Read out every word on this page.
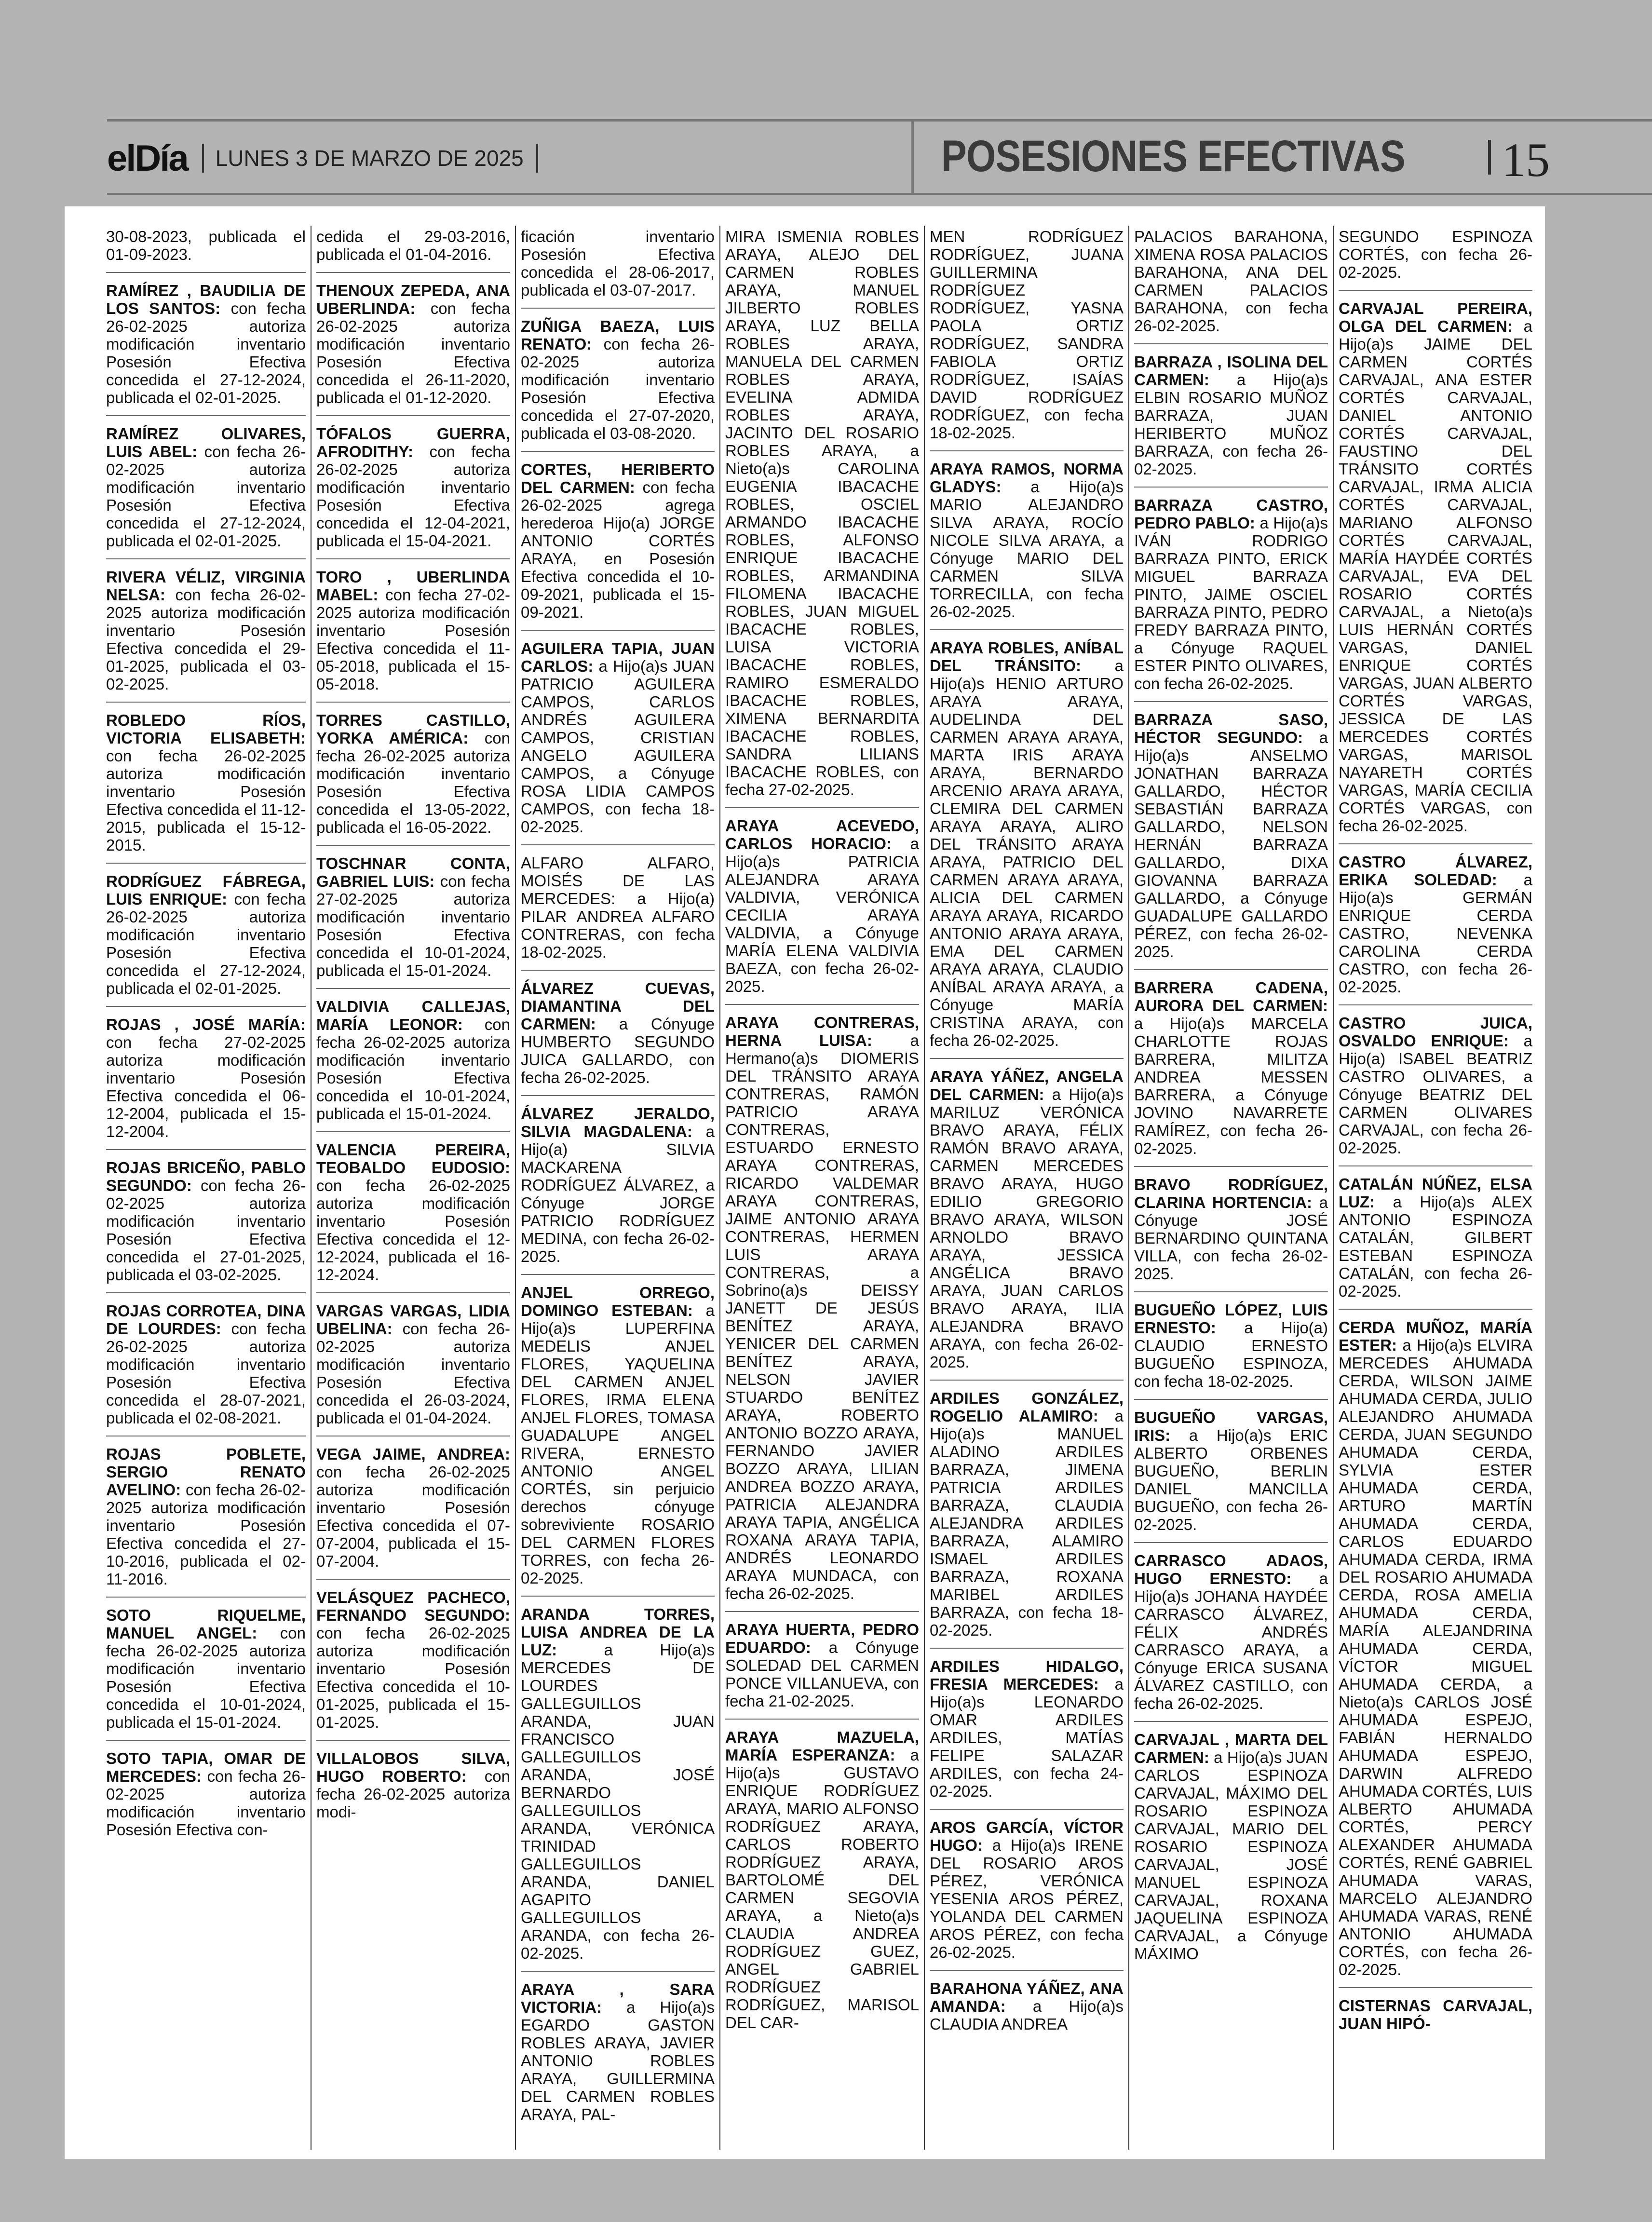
elDía LUNES 3 DE MARZO DE 2025	POSESIONES EFECTIVAS 15
30-08-2023, publicada el 01-09-2023.
RAMÍREZ , BAUDILIA DE LOS SANTOS: con fecha 26-02-2025 autoriza modificación inventario Posesión Efectiva concedida el 27-12-2024, publicada el 02-01-2025.
RAMÍREZ OLIVARES, LUIS ABEL: con fecha 26-02-2025 autoriza modificación inventario Posesión Efectiva concedida el 27-12-2024, publicada el 02-01-2025.
RIVERA VÉLIZ, VIRGINIA NELSA: con fecha 26-02-2025 autoriza modificación inventario Posesión Efectiva concedida el 29-01-2025, publicada el 03-02-2025.
ROBLEDO RÍOS, VICTORIA ELISABETH: con fecha 26-02-2025 autoriza modificación inventario Posesión Efectiva concedida el 11-12-2015, publicada el 15-12-2015.
RODRÍGUEZ FÁBREGA, LUIS ENRIQUE: con fecha 26-02-2025 autoriza modificación inventario Posesión Efectiva concedida el 27-12-2024, publicada el 02-01-2025.
ROJAS , JOSÉ MARÍA: con fecha 27-02-2025 autoriza modificación inventario Posesión Efectiva concedida el 06-12-2004, publicada el 15-12-2004.
ROJAS BRICEÑO, PABLO SEGUNDO: con fecha 26-02-2025 autoriza modificación inventario Posesión Efectiva concedida el 27-01-2025, publicada el 03-02-2025.
ROJAS CORROTEA, DINA DE LOURDES: con fecha 26-02-2025 autoriza modificación inventario Posesión Efectiva concedida el 28-07-2021, publicada el 02-08-2021.
ROJAS POBLETE, SERGIO RENATO AVELINO: con fecha 26-02-2025 autoriza modificación inventario Posesión Efectiva concedida el 27-10-2016, publicada el 02-11-2016.
SOTO RIQUELME, MANUEL ANGEL: con fecha 26-02-2025 autoriza modificación inventario Posesión Efectiva concedida el 10-01-2024, publicada el 15-01-2024.
SOTO TAPIA, OMAR DE MERCEDES: con fecha 26-02-2025 autoriza modificación inventario Posesión Efectiva con-
cedida el 29-03-2016, publicada el 01-04-2016.
THENOUX ZEPEDA, ANA UBERLINDA: con fecha 26-02-2025 autoriza modificación inventario Posesión Efectiva concedida el 26-11-2020, publicada el 01-12-2020.
TÓFALOS GUERRA, AFRODITHY: con fecha 26-02-2025 autoriza modificación inventario Posesión Efectiva concedida el 12-04-2021, publicada el 15-04-2021.
TORO , UBERLINDA MABEL: con fecha 27-02-2025 autoriza modificación inventario Posesión Efectiva concedida el 11-05-2018, publicada el 15-05-2018.
TORRES CASTILLO, YORKA AMÉRICA: con fecha 26-02-2025 autoriza modificación inventario Posesión Efectiva concedida el 13-05-2022, publicada el 16-05-2022.
TOSCHNAR CONTA, GABRIEL LUIS: con fecha 27-02-2025 autoriza modificación inventario Posesión Efectiva concedida el 10-01-2024, publicada el 15-01-2024.
VALDIVIA CALLEJAS, MARÍA LEONOR: con fecha 26-02-2025 autoriza modificación inventario Posesión Efectiva concedida el 10-01-2024, publicada el 15-01-2024.
VALENCIA PEREIRA, TEOBALDO EUDOSIO: con fecha 26-02-2025 autoriza modificación inventario Posesión Efectiva concedida el 12-12-2024, publicada el 16-12-2024.
VARGAS VARGAS, LIDIA UBELINA: con fecha 26-02-2025 autoriza modificación inventario Posesión Efectiva concedida el 26-03-2024, publicada el 01-04-2024.
VEGA JAIME, ANDREA: con fecha 26-02-2025 autoriza modificación inventario Posesión Efectiva concedida el 07-07-2004, publicada el 15-07-2004.
VELÁSQUEZ PACHECO, FERNANDO SEGUNDO: con fecha 26-02-2025 autoriza modificación inventario Posesión Efectiva concedida el 10-01-2025, publicada el 15-01-2025.
VILLALOBOS SILVA, HUGO ROBERTO: con fecha 26-02-2025 autoriza modi-
ficación inventario Posesión Efectiva concedida el 28-06-2017, publicada el 03-07-2017.
ZUÑIGA BAEZA, LUIS RENATO: con fecha 26-02-2025 autoriza modificación inventario Posesión Efectiva concedida el 27-07-2020, publicada el 03-08-2020.
CORTES, HERIBERTO DEL CARMEN: con fecha 26-02-2025 agrega herederoa Hijo(a) JORGE ANTONIO CORTÉS ARAYA, en Posesión Efectiva concedida el 10-09-2021, publicada el 15-09-2021.
AGUILERA TAPIA, JUAN CARLOS: a Hijo(a)s JUAN PATRICIO AGUILERA CAMPOS, CARLOS ANDRÉS AGUILERA CAMPOS, CRISTIAN ANGELO AGUILERA CAMPOS, a Cónyuge ROSA LIDIA CAMPOS CAMPOS, con fecha 18-02-2025.
ALFARO ALFARO, MOISÉS DE LAS MERCEDES: a Hijo(a) PILAR ANDREA ALFARO CONTRERAS, con fecha 18-02-2025.
ÁLVAREZ CUEVAS, DIAMANTINA DEL CARMEN: a Cónyuge HUMBERTO SEGUNDO JUICA GALLARDO, con fecha 26-02-2025.
ÁLVAREZ JERALDO, SILVIA MAGDALENA: a Hijo(a) SILVIA MACKARENA RODRÍGUEZ ÁLVAREZ, a Cónyuge JORGE PATRICIO RODRÍGUEZ MEDINA, con fecha 26-02-2025.
ANJEL ORREGO, DOMINGO ESTEBAN: a Hijo(a)s LUPERFINA MEDELIS ANJEL FLORES, YAQUELINA DEL CARMEN ANJEL FLORES, IRMA ELENA ANJEL FLORES, TOMASA GUADALUPE ANGEL RIVERA, ERNESTO ANTONIO ANGEL CORTÉS, sin perjuicio derechos cónyuge sobreviviente ROSARIO DEL CARMEN FLORES TORRES, con fecha 26-02-2025.
ARANDA TORRES, LUISA ANDREA DE LA LUZ:	a Hijo(a)s MERCEDES DE LOURDES GALLEGUILLOS ARANDA, JUAN FRANCISCO GALLEGUILLOS ARANDA, JOSÉ BERNARDO GALLEGUILLOS ARANDA, VERÓNICA TRINIDAD GALLEGUILLOS ARANDA, DANIEL AGAPITO GALLEGUILLOS ARANDA, con fecha 26-02-2025.
ARAYA , SARA VICTORIA: a Hijo(a)s EGARDO GASTON ROBLES ARAYA, JAVIER ANTONIO ROBLES ARAYA, GUILLERMINA DEL CARMEN ROBLES ARAYA, PAL-
MIRA ISMENIA ROBLES ARAYA, ALEJO DEL CARMEN ROBLES ARAYA, MANUEL JILBERTO ROBLES ARAYA, LUZ BELLA ROBLES ARAYA, MANUELA DEL CARMEN ROBLES ARAYA, EVELINA ADMIDA ROBLES ARAYA, JACINTO DEL ROSARIO ROBLES ARAYA, a Nieto(a)s CAROLINA EUGENIA IBACACHE ROBLES, OSCIEL ARMANDO IBACACHE ROBLES, ALFONSO ENRIQUE IBACACHE ROBLES, ARMANDINA FILOMENA IBACACHE ROBLES, JUAN MIGUEL IBACACHE ROBLES, LUISA VICTORIA IBACACHE ROBLES, RAMIRO ESMERALDO IBACACHE ROBLES, XIMENA BERNARDITA IBACACHE ROBLES, SANDRA LILIANS IBACACHE ROBLES, con fecha 27-02-2025.
ARAYA ACEVEDO, CARLOS HORACIO: a Hijo(a)s PATRICIA ALEJANDRA ARAYA VALDIVIA, VERÓNICA CECILIA ARAYA VALDIVIA, a Cónyuge MARÍA ELENA VALDIVIA BAEZA, con fecha 26-02-2025.
ARAYA CONTRERAS, HERNA LUISA: a Hermano(a)s DIOMERIS DEL TRÁNSITO ARAYA CONTRERAS, RAMÓN PATRICIO ARAYA CONTRERAS, ESTUARDO ERNESTO ARAYA CONTRERAS, RICARDO VALDEMAR ARAYA CONTRERAS, JAIME ANTONIO ARAYA CONTRERAS, HERMEN LUIS ARAYA CONTRERAS, a Sobrino(a)s DEISSY JANETT DE JESÚS BENÍTEZ ARAYA, YENICER DEL CARMEN BENÍTEZ ARAYA, NELSON JAVIER STUARDO BENÍTEZ ARAYA, ROBERTO ANTONIO BOZZO ARAYA, FERNANDO JAVIER BOZZO ARAYA, LILIAN ANDREA BOZZO ARAYA, PATRICIA ALEJANDRA ARAYA TAPIA, ANGÉLICA ROXANA ARAYA TAPIA, ANDRÉS LEONARDO ARAYA MUNDACA, con fecha 26-02-2025.
ARAYA HUERTA, PEDRO EDUARDO: a Cónyuge SOLEDAD DEL CARMEN PONCE VILLANUEVA, con fecha 21-02-2025.
ARAYA MAZUELA, MARÍA ESPERANZA: a Hijo(a)s GUSTAVO ENRIQUE RODRÍGUEZ ARAYA, MARIO ALFONSO RODRÍGUEZ ARAYA, CARLOS ROBERTO RODRÍGUEZ ARAYA, BARTOLOMÉ DEL CARMEN SEGOVIA ARAYA, a Nieto(a)s CLAUDIA ANDREA RODRÍGUEZ GUEZ, ANGEL GABRIEL RODRÍGUEZ RODRÍGUEZ, MARISOL DEL CAR-
MEN RODRÍGUEZ RODRÍGUEZ, JUANA GUILLERMINA RODRÍGUEZ RODRÍGUEZ, YASNA PAOLA ORTIZ RODRÍGUEZ, SANDRA FABIOLA ORTIZ RODRÍGUEZ, ISAÍAS DAVID RODRÍGUEZ RODRÍGUEZ, con fecha 18-02-2025.
ARAYA RAMOS, NORMA GLADYS: a Hijo(a)s MARIO ALEJANDRO SILVA ARAYA, ROCÍO NICOLE SILVA ARAYA, a Cónyuge MARIO DEL CARMEN SILVA TORRECILLA, con fecha 26-02-2025.
ARAYA ROBLES, ANÍBAL DEL TRÁNSITO: a Hijo(a)s HENIO ARTURO ARAYA ARAYA, AUDELINDA DEL CARMEN ARAYA ARAYA, MARTA IRIS ARAYA ARAYA, BERNARDO ARCENIO ARAYA ARAYA, CLEMIRA DEL CARMEN ARAYA ARAYA, ALIRO DEL TRÁNSITO ARAYA ARAYA, PATRICIO DEL CARMEN ARAYA ARAYA, ALICIA DEL CARMEN ARAYA ARAYA, RICARDO ANTONIO ARAYA ARAYA, EMA DEL CARMEN ARAYA ARAYA, CLAUDIO ANÍBAL ARAYA ARAYA, a Cónyuge MARÍA CRISTINA ARAYA, con fecha 26-02-2025.
ARAYA YÁÑEZ, ANGELA DEL CARMEN: a Hijo(a)s MARILUZ VERÓNICA BRAVO ARAYA, FÉLIX RAMÓN BRAVO ARAYA, CARMEN MERCEDES BRAVO ARAYA, HUGO EDILIO GREGORIO BRAVO ARAYA, WILSON ARNOLDO BRAVO ARAYA, JESSICA ANGÉLICA BRAVO ARAYA, JUAN CARLOS BRAVO ARAYA, ILIA ALEJANDRA BRAVO ARAYA, con fecha 26-02-2025.
ARDILES GONZÁLEZ, ROGELIO ALAMIRO: a Hijo(a)s MANUEL ALADINO ARDILES BARRAZA, JIMENA PATRICIA ARDILES BARRAZA, CLAUDIA ALEJANDRA ARDILES BARRAZA, ALAMIRO ISMAEL ARDILES BARRAZA, ROXANA MARIBEL ARDILES BARRAZA, con fecha 18-02-2025.
ARDILES HIDALGO, FRESIA MERCEDES: a Hijo(a)s LEONARDO OMAR ARDILES ARDILES, MATÍAS FELIPE SALAZAR ARDILES, con fecha 24-02-2025.
AROS GARCÍA, VÍCTOR HUGO: a Hijo(a)s IRENE DEL ROSARIO AROS PÉREZ, VERÓNICA YESENIA AROS PÉREZ, YOLANDA DEL CARMEN AROS PÉREZ, con fecha 26-02-2025.
BARAHONA YÁÑEZ, ANA AMANDA: a Hijo(a)s CLAUDIA ANDREA
PALACIOS BARAHONA, XIMENA ROSA PALACIOS BARAHONA, ANA DEL CARMEN PALACIOS BARAHONA, con fecha 26-02-2025.
BARRAZA , ISOLINA DEL CARMEN: a Hijo(a)s ELBIN ROSARIO MUÑOZ BARRAZA, JUAN HERIBERTO MUÑOZ BARRAZA, con fecha 26-02-2025.
BARRAZA CASTRO, PEDRO PABLO: a Hijo(a)s IVÁN RODRIGO BARRAZA PINTO, ERICK MIGUEL BARRAZA PINTO, JAIME OSCIEL BARRAZA PINTO, PEDRO FREDY BARRAZA PINTO, a Cónyuge RAQUEL ESTER PINTO OLIVARES, con fecha 26-02-2025.
BARRAZA SASO, HÉCTOR SEGUNDO: a Hijo(a)s ANSELMO JONATHAN BARRAZA GALLARDO, HÉCTOR SEBASTIÁN BARRAZA GALLARDO, NELSON HERNÁN BARRAZA GALLARDO, DIXA GIOVANNA BARRAZA GALLARDO, a Cónyuge GUADALUPE GALLARDO PÉREZ, con fecha 26-02-2025.
BARRERA CADENA, AURORA DEL CARMEN: a Hijo(a)s MARCELA CHARLOTTE ROJAS BARRERA, MILITZA ANDREA MESSEN BARRERA, a Cónyuge JOVINO NAVARRETE RAMÍREZ, con fecha 26-02-2025.
BRAVO RODRÍGUEZ, CLARINA HORTENCIA: a Cónyuge JOSÉ BERNARDINO QUINTANA VILLA, con fecha 26-02-2025.
BUGUEÑO LÓPEZ, LUIS ERNESTO: a Hijo(a) CLAUDIO ERNESTO BUGUEÑO ESPINOZA, con fecha 18-02-2025.
BUGUEÑO VARGAS, IRIS: a Hijo(a)s ERIC ALBERTO ORBENES BUGUEÑO, BERLIN DANIEL MANCILLA BUGUEÑO, con fecha 26-02-2025.
CARRASCO ADAOS, HUGO ERNESTO: a Hijo(a)s JOHANA HAYDÉE CARRASCO ÁLVAREZ, FÉLIX ANDRÉS CARRASCO ARAYA, a Cónyuge ERICA SUSANA ÁLVAREZ CASTILLO, con fecha 26-02-2025.
CARVAJAL , MARTA DEL CARMEN: a Hijo(a)s JUAN CARLOS ESPINOZA CARVAJAL, MÁXIMO DEL ROSARIO ESPINOZA CARVAJAL, MARIO DEL ROSARIO ESPINOZA CARVAJAL, JOSÉ MANUEL ESPINOZA CARVAJAL, ROXANA JAQUELINA ESPINOZA CARVAJAL, a Cónyuge MÁXIMO
SEGUNDO ESPINOZA CORTÉS, con fecha 26-02-2025.
CARVAJAL PEREIRA, OLGA DEL CARMEN: a Hijo(a)s JAIME DEL CARMEN CORTÉS CARVAJAL, ANA ESTER CORTÉS CARVAJAL, DANIEL ANTONIO CORTÉS CARVAJAL, FAUSTINO DEL TRÁNSITO CORTÉS CARVAJAL, IRMA ALICIA CORTÉS CARVAJAL, MARIANO ALFONSO CORTÉS CARVAJAL, MARÍA HAYDÉE CORTÉS CARVAJAL, EVA DEL ROSARIO CORTÉS CARVAJAL, a Nieto(a)s LUIS HERNÁN CORTÉS VARGAS, DANIEL ENRIQUE CORTÉS VARGAS, JUAN ALBERTO CORTÉS VARGAS, JESSICA DE LAS MERCEDES CORTÉS VARGAS, MARISOL NAYARETH CORTÉS VARGAS, MARÍA CECILIA CORTÉS VARGAS, con fecha 26-02-2025.
CASTRO ÁLVAREZ, ERIKA SOLEDAD: a Hijo(a)s GERMÁN ENRIQUE CERDA CASTRO, NEVENKA CAROLINA CERDA CASTRO, con fecha 26-02-2025.
CASTRO JUICA, OSVALDO ENRIQUE: a Hijo(a) ISABEL BEATRIZ CASTRO OLIVARES, a Cónyuge BEATRIZ DEL CARMEN OLIVARES CARVAJAL, con fecha 26-02-2025.
CATALÁN NÚÑEZ, ELSA LUZ: a Hijo(a)s ALEX ANTONIO ESPINOZA CATALÁN, GILBERT ESTEBAN ESPINOZA CATALÁN, con fecha 26-02-2025.
CERDA MUÑOZ, MARÍA ESTER: a Hijo(a)s ELVIRA MERCEDES AHUMADA CERDA, WILSON JAIME AHUMADA CERDA, JULIO ALEJANDRO AHUMADA CERDA, JUAN SEGUNDO AHUMADA CERDA, SYLVIA ESTER AHUMADA CERDA, ARTURO MARTÍN AHUMADA CERDA, CARLOS EDUARDO AHUMADA CERDA, IRMA DEL ROSARIO AHUMADA CERDA, ROSA AMELIA AHUMADA CERDA, MARÍA ALEJANDRINA AHUMADA CERDA, VÍCTOR MIGUEL AHUMADA CERDA, a Nieto(a)s CARLOS JOSÉ AHUMADA ESPEJO, FABIÁN HERNALDO AHUMADA ESPEJO, DARWIN ALFREDO AHUMADA CORTÉS, LUIS ALBERTO AHUMADA CORTÉS, PERCY ALEXANDER AHUMADA CORTÉS, RENÉ GABRIEL AHUMADA VARAS, MARCELO ALEJANDRO AHUMADA VARAS, RENÉ ANTONIO AHUMADA CORTÉS, con fecha 26-02-2025.
CISTERNAS CARVAJAL, JUAN HIPÓ-
